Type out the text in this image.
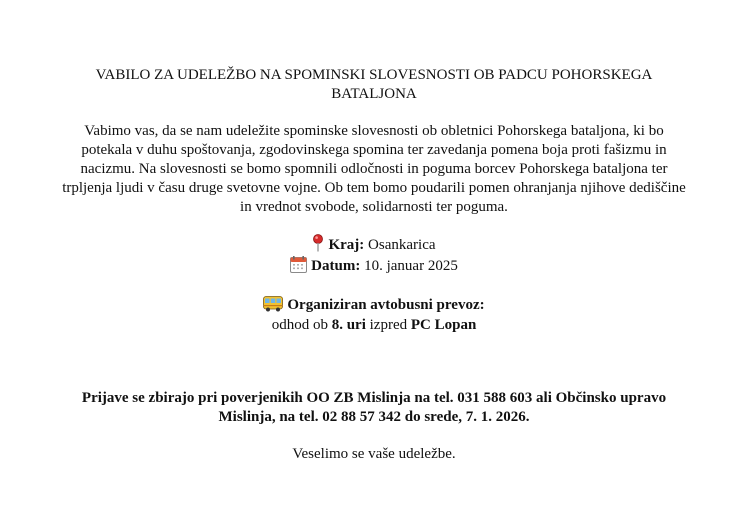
VABILO ZA UDELEŽBO NA SPOMINSKI SLOVESNOSTI OB PADCU POHORSKEGA BATALJONA
Vabimo vas, da se nam udeležite spominske slovesnosti ob obletnici Pohorskega bataljona, ki bo potekala v duhu spoštovanja, zgodovinskega spomina ter zavedanja pomena boja proti fašizmu in nacizmu. Na slovesnosti se bomo spomnili odločnosti in poguma borcev Pohorskega bataljona ter trpljenja ljudi v času druge svetovne vojne. Ob tem bomo poudarili pomen ohranjanja njihove dediščine in vrednot svobode, solidarnosti ter poguma.
Kraj: Osankarica
Datum: 10. januar 2025
Organiziran avtobusni prevoz:
odhod ob 8. uri izpred PC Lopan
Prijave se zbirajo pri poverjenikih OO ZB Mislinja na tel. 031 588 603 ali Občinsko upravo Mislinja, na tel. 02 88 57 342 do srede, 7. 1. 2026.
Veselimo se vaše udeležbe.
